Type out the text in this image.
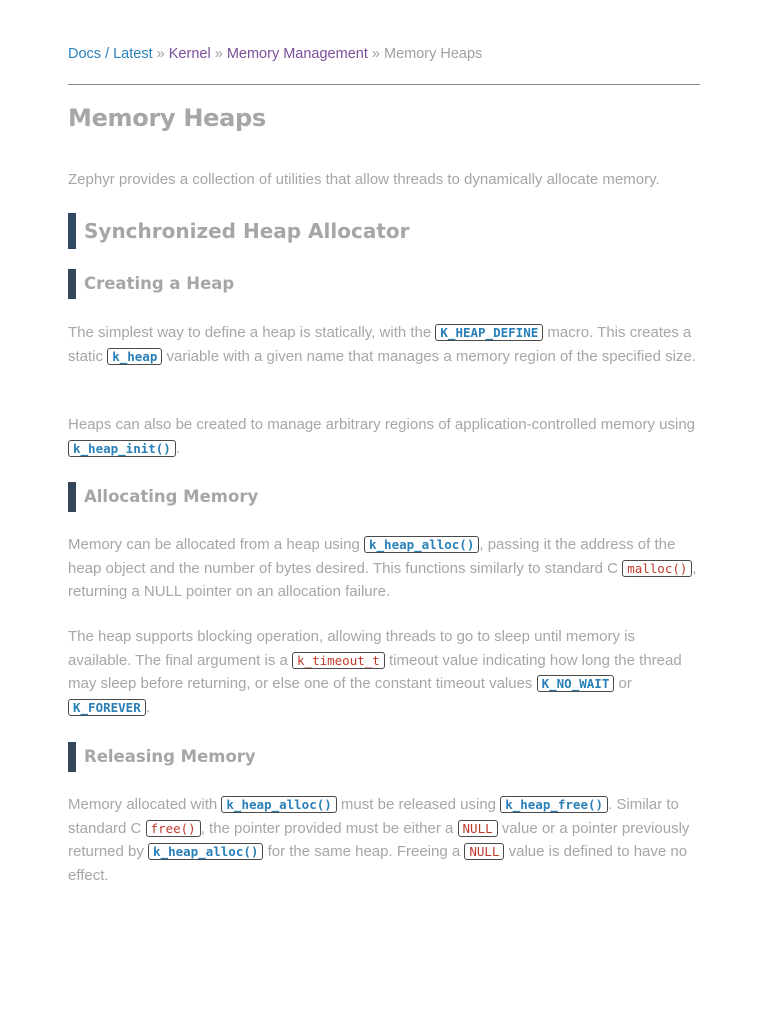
Docs / Latest » Kernel » Memory Management » Memory Heaps
Memory Heaps
Zephyr provides a collection of utilities that allow threads to dynamically allocate memory.
Synchronized Heap Allocator
Creating a Heap
The simplest way to define a heap is statically, with the K_HEAP_DEFINE macro. This creates a static k_heap variable with a given name that manages a memory region of the specified size.
Heaps can also be created to manage arbitrary regions of application-controlled memory using k_heap_init() .
Allocating Memory
Memory can be allocated from a heap using k_heap_alloc() , passing it the address of the heap object and the number of bytes desired. This functions similarly to standard C malloc() , returning a NULL pointer on an allocation failure.
The heap supports blocking operation, allowing threads to go to sleep until memory is available. The final argument is a k_timeout_t timeout value indicating how long the thread may sleep before returning, or else one of the constant timeout values K_NO_WAIT or K_FOREVER .
Releasing Memory
Memory allocated with k_heap_alloc() must be released using k_heap_free() . Similar to standard C free() , the pointer provided must be either a NULL value or a pointer previously returned by k_heap_alloc() for the same heap. Freeing a NULL value is defined to have no effect.
